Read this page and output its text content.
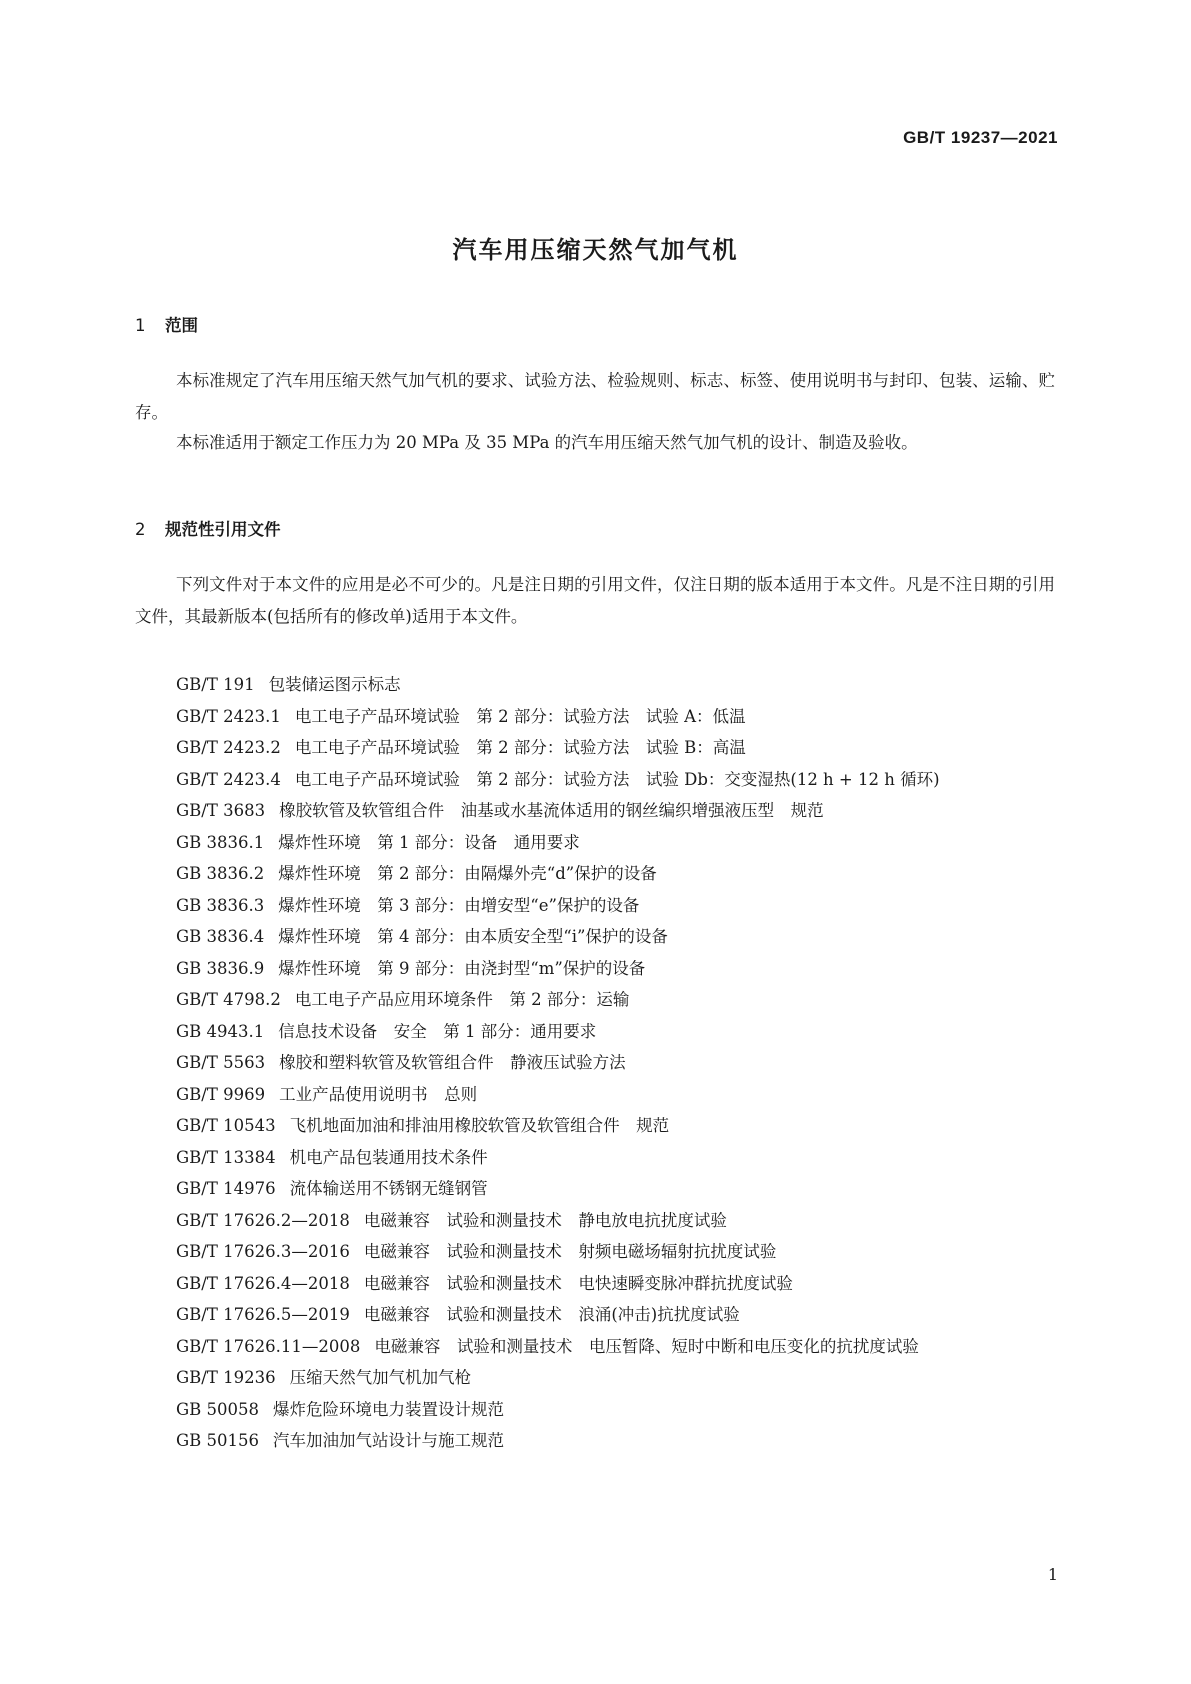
GB/T 19237—2021
汽车用压缩天然气加气机
1 范围
本标准规定了汽车用压缩天然气加气机的要求、试验方法、检验规则、标志、标签、使用说明书与封印、包装、运输、贮存。
本标准适用于额定工作压力为 20 MPa 及 35 MPa 的汽车用压缩天然气加气机的设计、制造及验收。
2 规范性引用文件
下列文件对于本文件的应用是必不可少的。凡是注日期的引用文件，仅注日期的版本适用于本文件。凡是不注日期的引用文件，其最新版本(包括所有的修改单)适用于本文件。
GB/T 191 包装储运图示标志
GB/T 2423.1 电工电子产品环境试验　第 2 部分：试验方法　试验 A：低温
GB/T 2423.2 电工电子产品环境试验　第 2 部分：试验方法　试验 B：高温
GB/T 2423.4 电工电子产品环境试验　第 2 部分：试验方法　试验 Db：交变湿热(12 h + 12 h 循环)
GB/T 3683 橡胶软管及软管组合件　油基或水基流体适用的钢丝编织增强液压型　规范
GB 3836.1 爆炸性环境　第 1 部分：设备　通用要求
GB 3836.2 爆炸性环境　第 2 部分：由隔爆外壳“d”保护的设备
GB 3836.3 爆炸性环境　第 3 部分：由增安型“e”保护的设备
GB 3836.4 爆炸性环境　第 4 部分：由本质安全型“i”保护的设备
GB 3836.9 爆炸性环境　第 9 部分：由浇封型“m”保护的设备
GB/T 4798.2 电工电子产品应用环境条件　第 2 部分：运输
GB 4943.1 信息技术设备　安全　第 1 部分：通用要求
GB/T 5563 橡胶和塑料软管及软管组合件　静液压试验方法
GB/T 9969 工业产品使用说明书　总则
GB/T 10543 飞机地面加油和排油用橡胶软管及软管组合件　规范
GB/T 13384 机电产品包装通用技术条件
GB/T 14976 流体输送用不锈钢无缝钢管
GB/T 17626.2—2018 电磁兼容　试验和测量技术　静电放电抗扰度试验
GB/T 17626.3—2016 电磁兼容　试验和测量技术　射频电磁场辐射抗扰度试验
GB/T 17626.4—2018 电磁兼容　试验和测量技术　电快速瞬变脉冲群抗扰度试验
GB/T 17626.5—2019 电磁兼容　试验和测量技术　浪涌(冲击)抗扰度试验
GB/T 17626.11—2008 电磁兼容　试验和测量技术　电压暂降、短时中断和电压变化的抗扰度试验
GB/T 19236 压缩天然气加气机加气枪
GB 50058 爆炸危险环境电力装置设计规范
GB 50156 汽车加油加气站设计与施工规范
1
